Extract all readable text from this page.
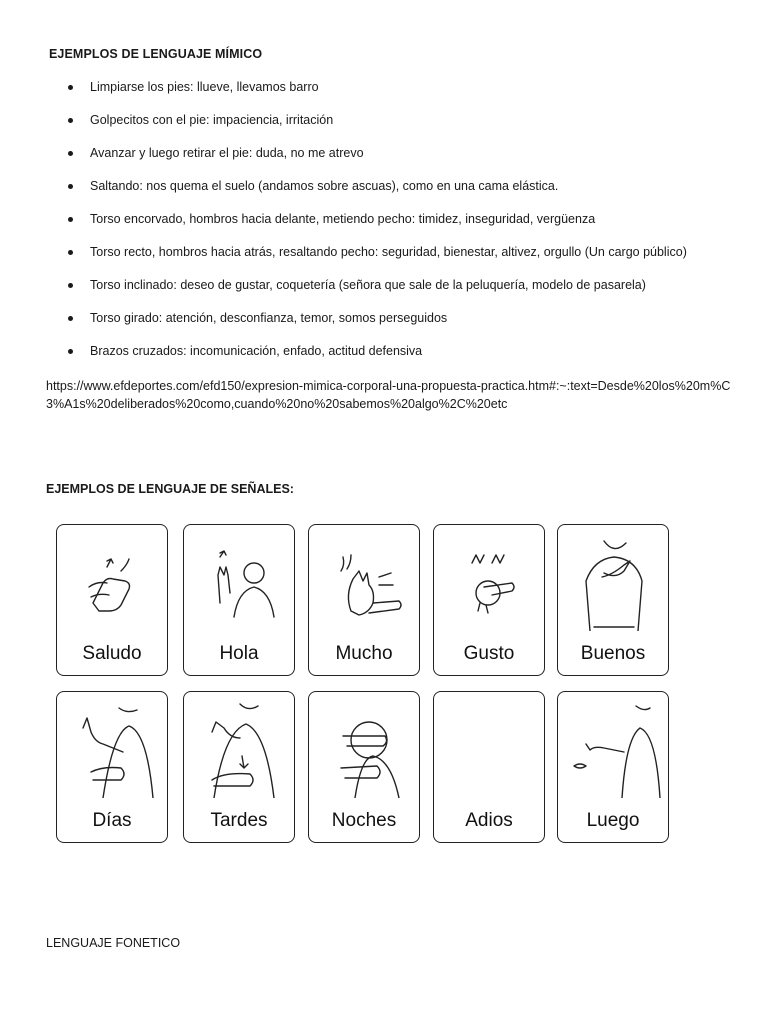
EJEMPLOS DE LENGUAJE MÍMICO
Limpiarse los pies: llueve, llevamos barro
Golpecitos con el pie: impaciencia, irritación
Avanzar y luego retirar el pie: duda, no me atrevo
Saltando: nos quema el suelo (andamos sobre ascuas), como en una cama elástica.
Torso encorvado, hombros hacia delante, metiendo pecho: timidez, inseguridad, vergüenza
Torso recto, hombros hacia atrás, resaltando pecho: seguridad, bienestar, altivez, orgullo (Un cargo público)
Torso inclinado: deseo de gustar, coquetería (señora que sale de la peluquería, modelo de pasarela)
Torso girado: atención, desconfianza, temor, somos perseguidos
Brazos cruzados: incomunicación, enfado, actitud defensiva
https://www.efdeportes.com/efd150/expresion-mimica-corporal-una-propuesta-practica.htm#:~:text=Desde%20los%20m%C3%A1s%20deliberados%20como,cuando%20no%20sabemos%20algo%2C%20etc
EJEMPLOS DE LENGUAJE DE SEÑALES:
Saludo	Hola	Mucho	Gusto	Buenos
Días	Tardes	Noches	Adios	Luego
LENGUAJE FONETICO
